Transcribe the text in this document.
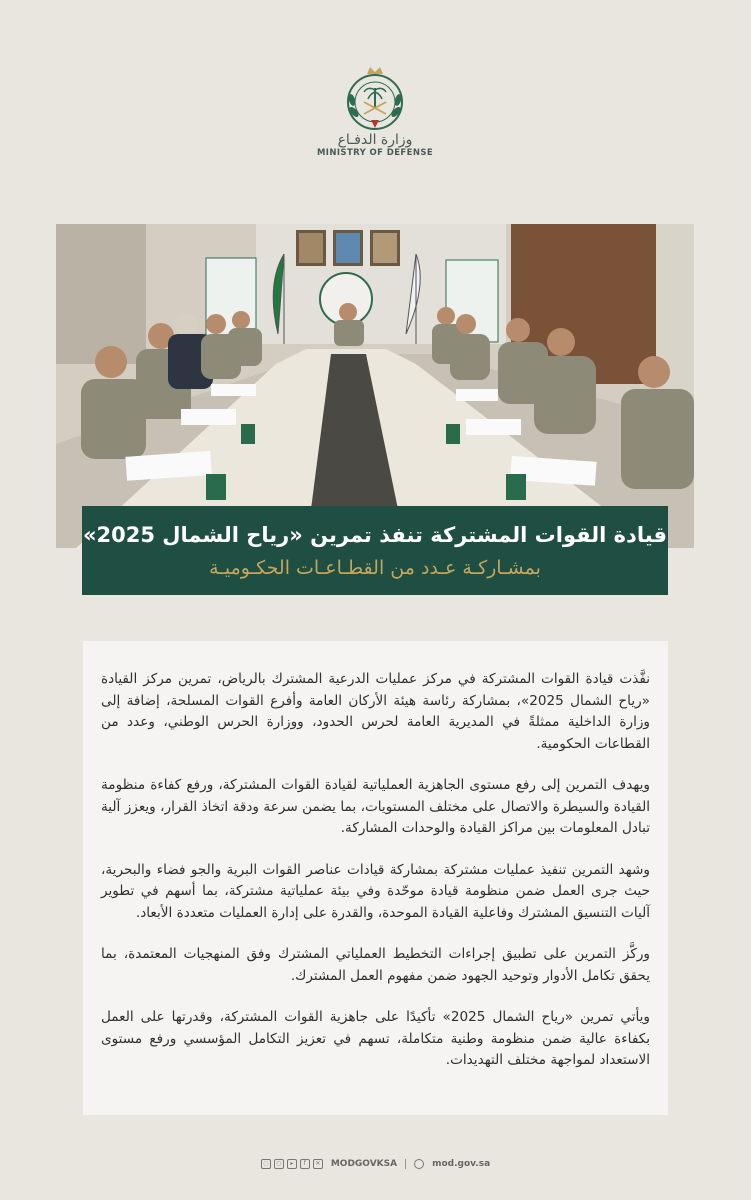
وزارة الدفـاع
MINISTRY OF DEFENSE
قيادة القوات المشتركة تنفذ تمرين «رياح الشمال 2025»
بمشـاركـة عـدد من القطـاعـات الحكـوميـة

نفَّذت قيادة القوات المشتركة في مركز عمليات الدرعية المشترك بالرياض، تمرين مركز القيادة «رياح الشمال 2025»، بمشاركة رئاسة هيئة الأركان العامة وأفرع القوات المسلحة، إضافة إلى وزارة الداخلية ممثلةً في المديرية العامة لحرس الحدود، ووزارة الحرس الوطني، وعدد من القطاعات الحكومية.

ويهدف التمرين إلى رفع مستوى الجاهزية العملياتية لقيادة القوات المشتركة، ورفع كفاءة منظومة القيادة والسيطرة والاتصال على مختلف المستويات، بما يضمن سرعة ودقة اتخاذ القرار، ويعزز آلية تبادل المعلومات بين مراكز القيادة والوحدات المشاركة.

وشهد التمرين تنفيذ عمليات مشتركة بمشاركة قيادات عناصر القوات البرية والجو فضاء والبحرية، حيث جرى العمل ضمن منظومة قيادة موحّدة وفي بيئة عملياتية مشتركة، بما أسهم في تطوير آليات التنسيق المشترك وفاعلية القيادة الموحدة، والقدرة على إدارة العمليات متعددة الأبعاد.

وركَّز التمرين على تطبيق إجراءات التخطيط العملياتي المشترك وفق المنهجيات المعتمدة، بما يحقق تكامل الأدوار وتوحيد الجهود ضمن مفهوم العمل المشترك.

ويأتي تمرين «رياح الشمال 2025» تأكيدًا على جاهزية القوات المشتركة، وقدرتها على العمل بكفاءة عالية ضمن منظومة وطنية متكاملة، تسهم في تعزيز التكامل المؤسسي ورفع مستوى الاستعداد لمواجهة مختلف التهديدات.

◌	○	▸	f	✕ MODGOVKSA	mod.gov.sa
